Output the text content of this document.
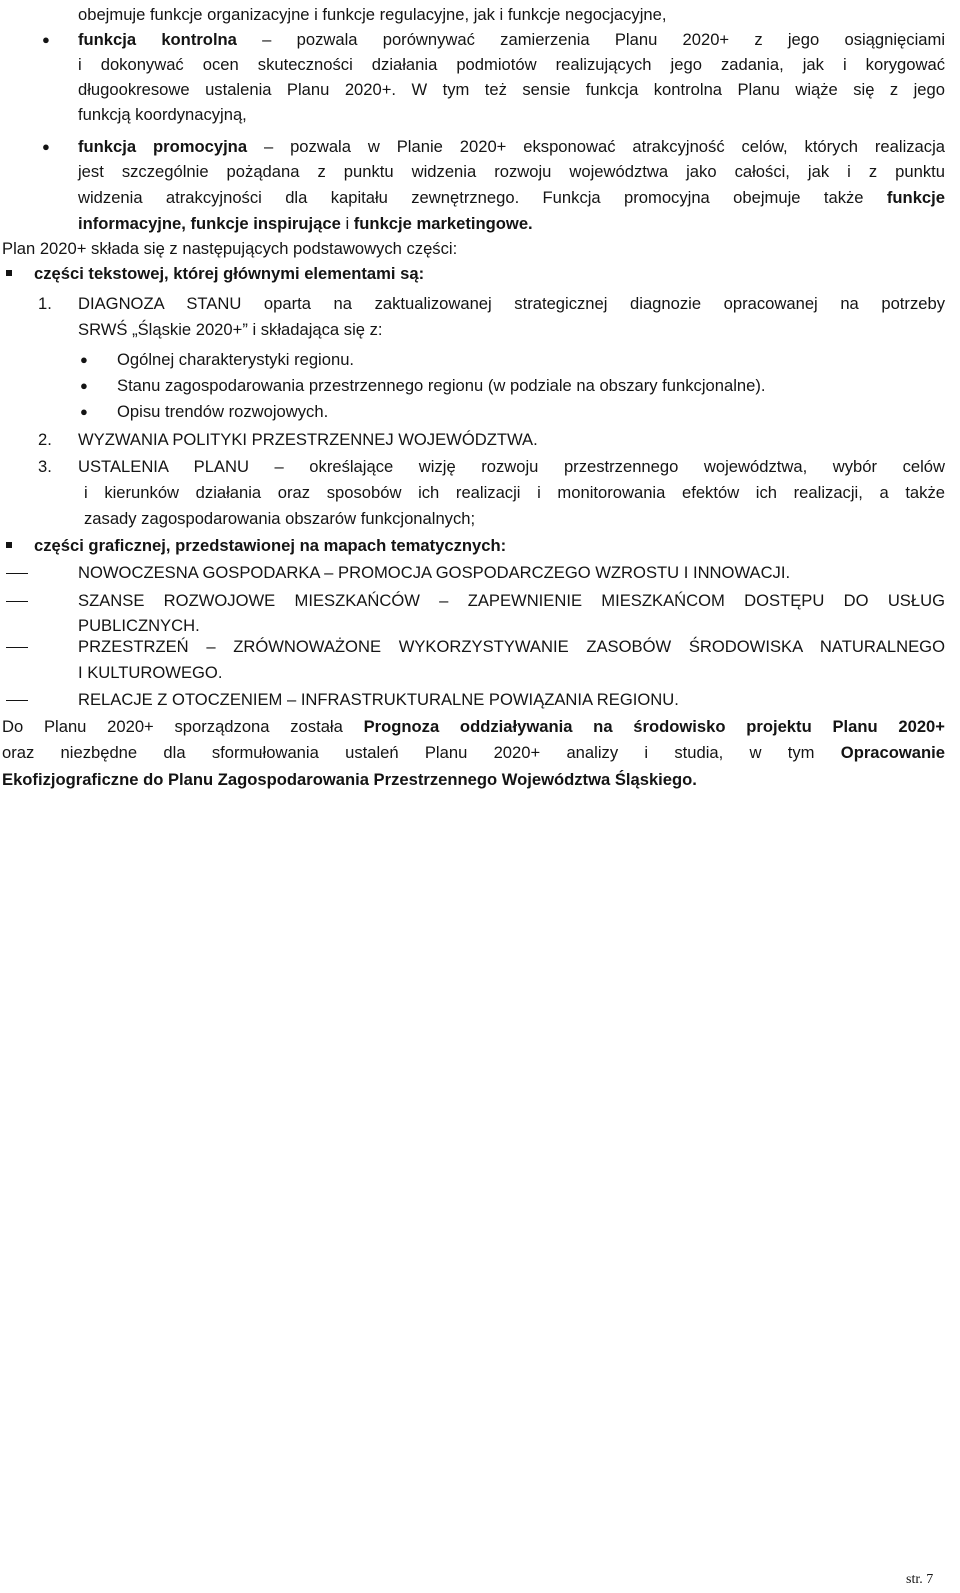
obejmuje funkcje organizacyjne i funkcje regulacyjne, jak i funkcje negocjacyjne,
● funkcja kontrolna – pozwala porównywać zamierzenia Planu 2020+ z jego osiągnięciami
i dokonywać ocen skuteczności działania podmiotów realizujących jego zadania, jak i korygować
długookresowe ustalenia Planu 2020+. W tym też sensie funkcja kontrolna Planu wiąże się z jego
funkcją koordynacyjną,
● funkcja promocyjna – pozwala w Planie 2020+ eksponować atrakcyjność celów, których realizacja
jest szczególnie pożądana z punktu widzenia rozwoju województwa jako całości, jak i z punktu
widzenia atrakcyjności dla kapitału zewnętrznego. Funkcja promocyjna obejmuje także funkcje
informacyjne, funkcje inspirujące i funkcje marketingowe.
Plan 2020+ składa się z następujących podstawowych części:
części tekstowej, której głównymi elementami są:
1. DIAGNOZA STANU oparta na zaktualizowanej strategicznej diagnozie opracowanej na potrzeby
SRWŚ „Śląskie 2020+” i składająca się z:
● Ogólnej charakterystyki regionu.
● Stanu zagospodarowania przestrzennego regionu (w podziale na obszary funkcjonalne).
● Opisu trendów rozwojowych.
2. WYZWANIA POLITYKI PRZESTRZENNEJ WOJEWÓDZTWA.
3. USTALENIA PLANU – określające wizję rozwoju przestrzennego województwa, wybór celów
i kierunków działania oraz sposobów ich realizacji i monitorowania efektów ich realizacji, a także
zasady zagospodarowania obszarów funkcjonalnych;
części graficznej, przedstawionej na mapach tematycznych:
NOWOCZESNA GOSPODARKA – PROMOCJA GOSPODARCZEGO WZROSTU I INNOWACJI.
SZANSE ROZWOJOWE MIESZKAŃCÓW – ZAPEWNIENIE MIESZKAŃCOM DOSTĘPU DO USŁUG
PUBLICZNYCH.
PRZESTRZEŃ – ZRÓWNOWAŻONE WYKORZYSTYWANIE ZASOBÓW ŚRODOWISKA NATURALNEGO
I KULTUROWEGO.
RELACJE Z OTOCZENIEM – INFRASTRUKTURALNE POWIĄZANIA REGIONU.
Do Planu 2020+ sporządzona została Prognoza oddziaływania na środowisko projektu Planu 2020+
oraz niezbędne dla sformułowania ustaleń Planu 2020+ analizy i studia, w tym Opracowanie
Ekofizjograficzne do Planu Zagospodarowania Przestrzennego Województwa Śląskiego.
str. 7
